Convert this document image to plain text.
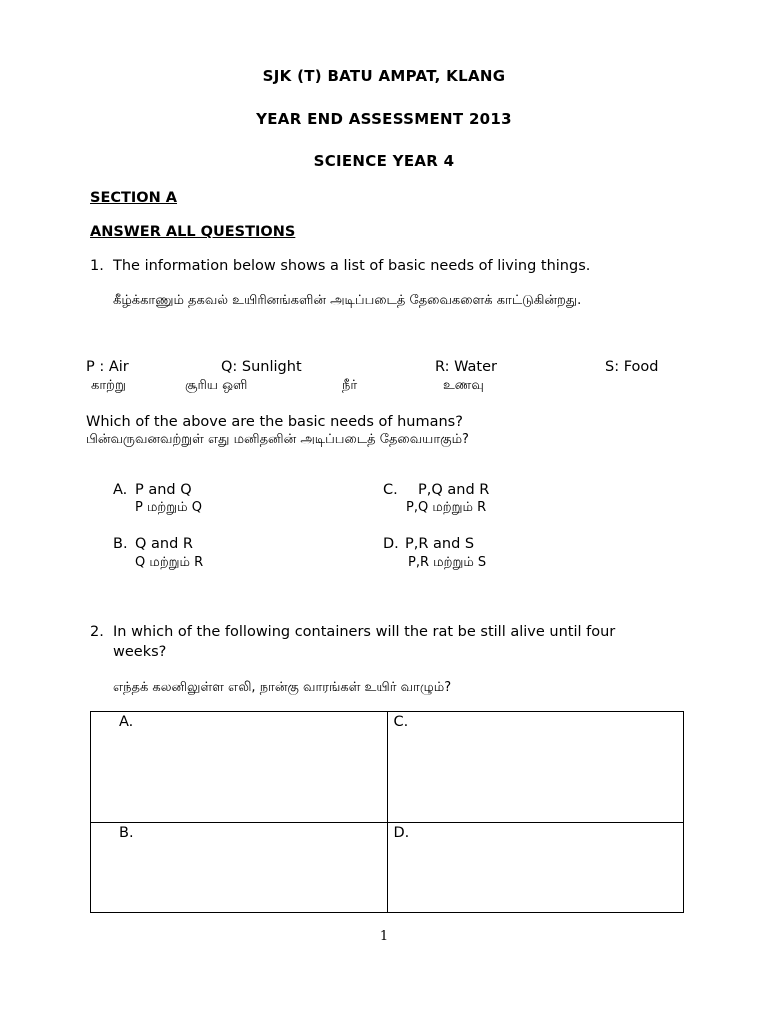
SJK (T) BATU AMPAT, KLANG
YEAR END ASSESSMENT 2013
SCIENCE YEAR 4
SECTION A
ANSWER ALL QUESTIONS
1. The information below shows a list of basic needs of living things.
கீழ்க்காணும் தகவல் உயிரினங்களின் அடிப்படைத் தேவைகளைக் காட்டுகின்றது.
P : Air	Q: Sunlight	R: Water	S: Food
காற்று	சூரிய ஒளி	நீர்	உணவு
Which of the above are the basic needs of humans?
பின்வருவனவற்றுள் எது மனிதனின் அடிப்படைத் தேவையாகும்?
A. P and Q
P மற்றும் Q
B. Q and R
Q மற்றும் R
C. P,Q and R
P,Q மற்றும் R
D. P,R and S
P,R மற்றும் S
2. In which of the following containers will the rat be still alive until four
weeks?
எந்தக் கலனிலுள்ள எலி, நான்கு வாரங்கள் உயிர் வாழும்?
A.	C.
B.	D.
1
